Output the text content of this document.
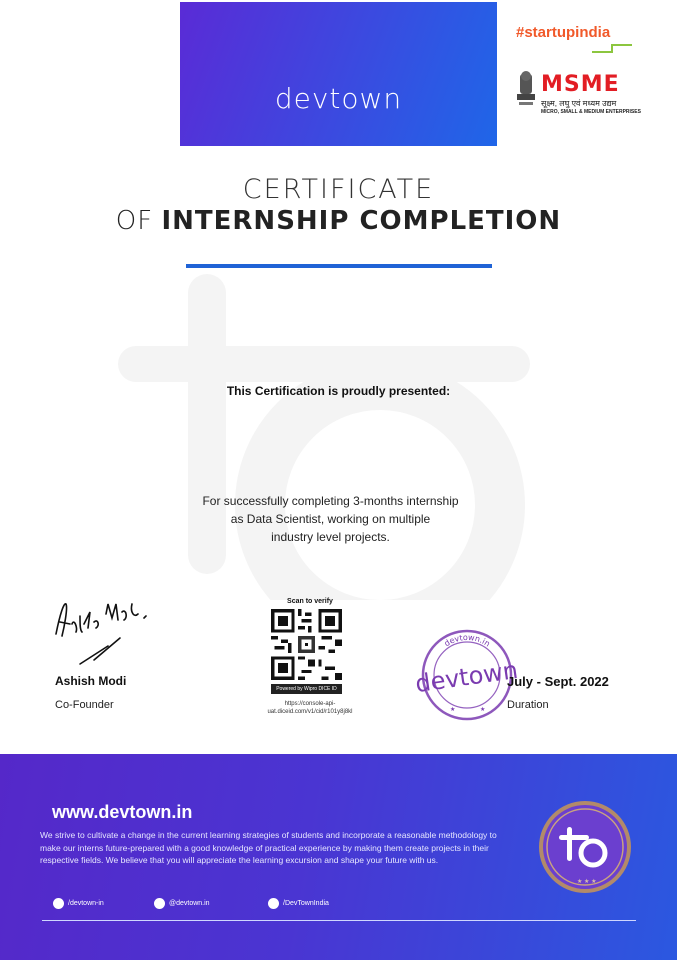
devtown
#startupindia
MSME
सूक्ष्म, लघु एवं मध्यम उद्यम
MICRO, SMALL & MEDIUM ENTERPRISES
CERTIFICATE
OF INTERNSHIP COMPLETION
This Certification is proudly presented:
For successfully completing 3-months internship
as Data Scientist, working on multiple
industry level projects.
Ashish Modi
Co-Founder
Scan to verify
Powered by Wipro DICE ID
https://console-api-
uat.diceid.com/v1/cid/r101y8j8kl
devtown.in
devtown
★	★
July - Sept. 2022
Duration
www.devtown.in
We strive to cultivate a change in the current learning strategies of students and incorporate a reasonable methodology to make our interns future-prepared with a good knowledge of practical experience by making them create projects in their respective fields. We believe that you will appreciate the learning excursion and shape your future with us.
★ ★ ★
/devtown-in	@devtown.in	/DevTownIndia
